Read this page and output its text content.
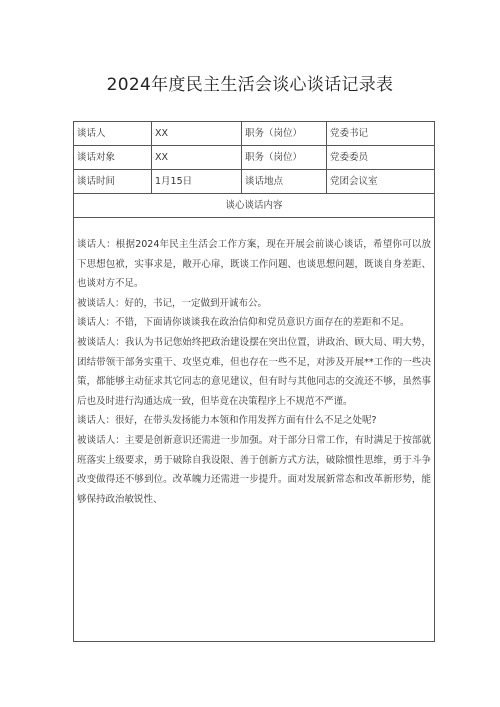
2024年度民主生活会谈心谈话记录表
谈话人	XX	职务（岗位）	党委书记
谈话对象	XX	职务（岗位）	党委委员
谈话时间	1月15日	谈话地点	党团会议室
谈心谈话内容

谈话人：根据2024年民主生活会工作方案，现在开展会前谈心谈话，希望你可以放下思想包袱，实事求是，敞开心扉，既谈工作问题、也谈思想问题，既谈自身差距、也谈对方不足。

被谈话人：好的，书记，一定做到开诚布公。

谈话人：不错，下面请你谈谈我在政治信仰和党员意识方面存在的差距和不足。

被谈话人：我认为书记您始终把政治建设摆在突出位置，讲政治、顾大局、明大势，团结带领干部务实重干、攻坚克难，但也存在一些不足，对涉及开展**工作的一些决策，都能够主动征求其它同志的意见建议，但有时与其他同志的交流还不够，虽然事后也及时进行沟通达成一致，但毕竟在决策程序上不规范不严谨。

谈话人：很好，在带头发扬能力本领和作用发挥方面有什么不足之处呢?

被谈话人：主要是创新意识还需进一步加强。对于部分日常工作，有时满足于按部就班落实上级要求，勇于破除自我设限、善于创新方式方法，破除惯性思维，勇于斗争改变做得还不够到位。改革魄力还需进一步提升。面对发展新常态和改革新形势，能够保持政治敏锐性、
